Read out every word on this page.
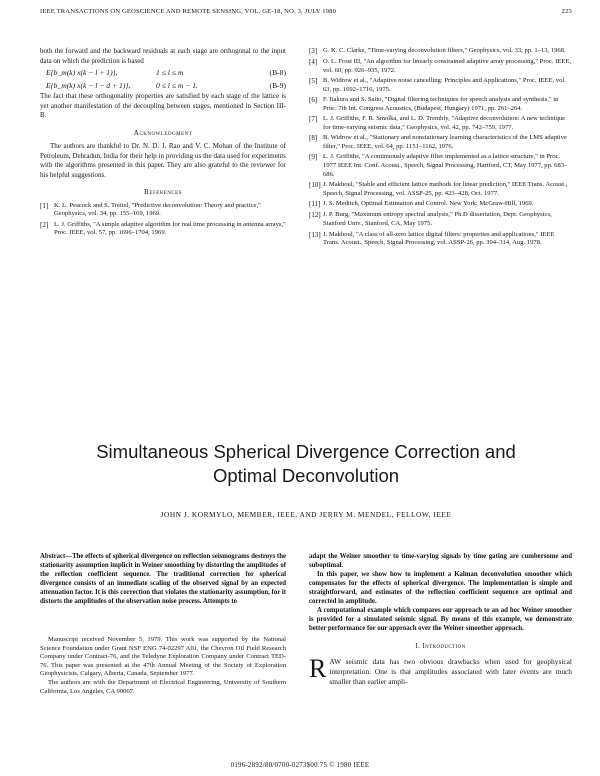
IEEE TRANSACTIONS ON GEOSCIENCE AND REMOTE SENSING, VOL. GE-18, NO. 3, JULY 1980	223

both the forward and the backward residuals at each stage are orthogonal to the input data on which the prediction is based

E{b_m(k) x(k − l + 1)},	1 ≤ l ≤ m	(B-8)
E{b_m(k) x(k − l − d + 1)},	0 ≤ l ≤ m − 1.	(B-9)

The fact that these orthogonality properties are satisfied by each stage of the lattice is yet another manifestation of the decoupling between stages, mentioned in Section III-B.

Acknowledgment

The authors are thankful to Dr. N. D. J. Rao and V. C. Mohan of the Institute of Petroleum, Dehradun, India for their help in providing us the data used for experiments with the algorithms presented in this paper. They are also grateful to the reviewer for his helpful suggestions.

References
[1] K. L. Peacock and S. Treitel, "Predictive deconvolution: Theory and practice," Geophysics, vol. 34, pp. 155–169, 1969.
[2] L. J. Griffiths, "A simple adaptive algorithm for real time processing in antenna arrays," Proc. IEEE, vol. 57, pp. 1696–1704, 1969.
[3] G. K. C. Clarke, "Time-varying deconvolution filters," Geophysics, vol. 33, pp. 1–13, 1968.
[4] O. L. Frost III, "An algorithm for linearly constrained adaptive array processing," Proc. IEEE, vol. 60, pp. 926–935, 1972.
[5] B. Widrow et al., "Adaptive noise cancelling: Principles and Applications," Proc. IEEE, vol. 63, pp. 1692–1716, 1975.
[6] F. Itakura and S. Saito, "Digital filtering techniques for speech analysis and synthesis," in Proc. 7th Int. Congress Acoustics, (Budapest, Hungary) 1971, pp. 261–264.
[7] L. J. Griffiths, F. R. Smolka, and L. D. Trembly, "Adaptive deconvolution: A new technique for time-varying seismic data," Geophysics, vol. 42, pp. 742–759, 1977.
[8] B. Widrow et al., "Stationary and nonstationary learning characteristics of the LMS adaptive filter," Proc. IEEE, vol. 64, pp. 1151–1162, 1976.
[9] L. J. Griffiths, "A continuously adaptive filter implemented as a lattice structure," in Proc. 1977 IEEE Int. Conf. Acoust., Speech, Signal Processing, Hartford, CT, May 1977, pp. 683–686.
[10] J. Makhoul, "Stable and efficient lattice methods for linear prediction," IEEE Trans. Acoust., Speech, Signal Processing, vol. ASSP-25, pp. 423–428, Oct. 1977.
[11] J. S. Meditch, Optimal Estimation and Control. New York: McGraw-Hill, 1969.
[12] J. P. Burg, "Maximum entropy spectral analysis," Ph.D dissertation, Dept. Geophysics, Stanford Univ., Stanford, CA, May 1975.
[13] J. Makhoul, "A class of all-zero lattice digital filters: properties and applications," IEEE Trans. Acoust., Speech, Signal Processing, vol. ASSP-26, pp. 304–314, Aug. 1978.
Simultaneous Spherical Divergence Correction and
Optimal Deconvolution
JOHN J. KORMYLO, MEMBER, IEEE, AND JERRY M. MENDEL, FELLOW, IEEE
Abstract—The effects of spherical divergence on reflection seismograms destroys the stationarity assumption implicit in Weiner smoothing by distorting the amplitudes of the reflection coefficient sequence. The traditional correction for spherical divergence consists of an immediate scaling of the observed signal by an expected attenuation factor. It is this correction that violates the stationarity assumption, for it distorts the amplitudes of the observation noise process. Attempts to

Manuscript received November 5, 1979. This work was supported by the National Science Foundation under Grant NSF ENG 74-02297 A01, the Chevron Oil Field Research Company under Contract-76, and the Teledyne Exploration Company under Contract TED-76. This paper was presented at the 47th Annual Meeting of the Society of Exploration Geophysicists, Calgary, Alberta, Canada, September 1977.

The authors are with the Department of Electrical Engineering, University of Southern California, Los Angeles, CA 90007.

adapt the Weiner smoother to time-varying signals by time gating are cumbersome and suboptimal.

In this paper, we show how to implement a Kalman deconvolution smoother which compensates for the effects of spherical divergence. The implementation is simple and straightforward, and estimates of the reflection coefficient sequence are optimal and corrected in amplitude.

A computational example which compares our approach to an ad hoc Weiner smoother is provided for a simulated seismic signal. By means of this example, we demonstrate better performance for our approach over the Weiner smoother approach.

I. Introduction
R AW seismic data has two obvious drawbacks when used for geophysical interpretation. One is that amplitudes associated with later events are much smaller than earlier ampli-
0196-2892/80/0700-0273$00.75 © 1980 IEEE
